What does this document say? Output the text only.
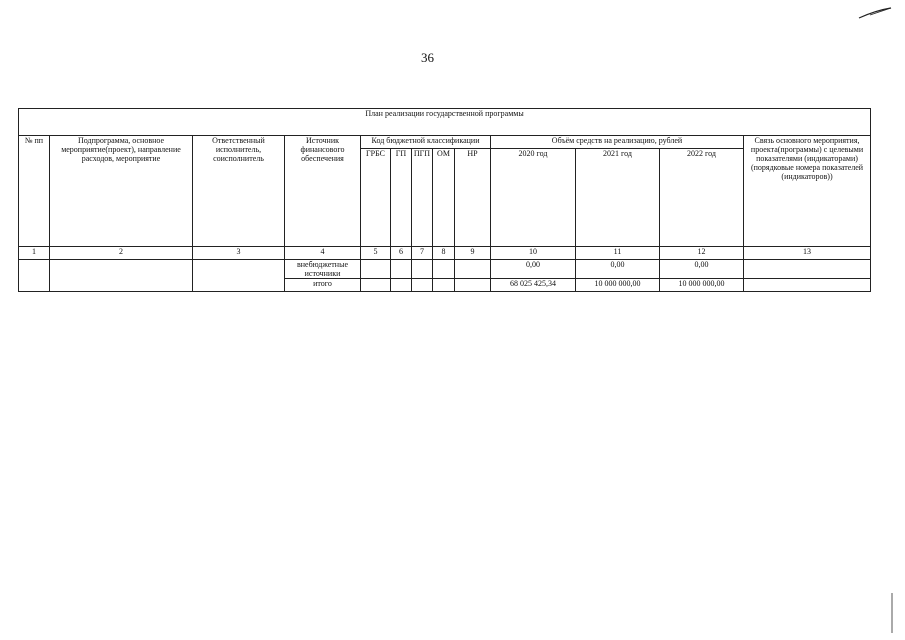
36
План реализации государственной программы												
№ пп	Подпрограмма, основное мероприятие(проект), направление расходов, мероприятие	Ответственный исполнитель, соисполнитель	Источник финансового обеспечения	Код бюджетной классификации					Объём средств на реализацию, рублей			Связь основного мероприятия, проекта(программы) с целевыми показателями (индикаторами) (порядковые номера показателей (индикаторов))
				ГРБС	ГП	ПГП	ОМ	НР	2020 год	2021 год	2022 год	
1	2	3	4	5	6	7	8	9	10	11	12	13
			внебюджетные источники						0,00	0,00	0,00	
			итого						68 025 425,34	10 000 000,00	10 000 000,00	
